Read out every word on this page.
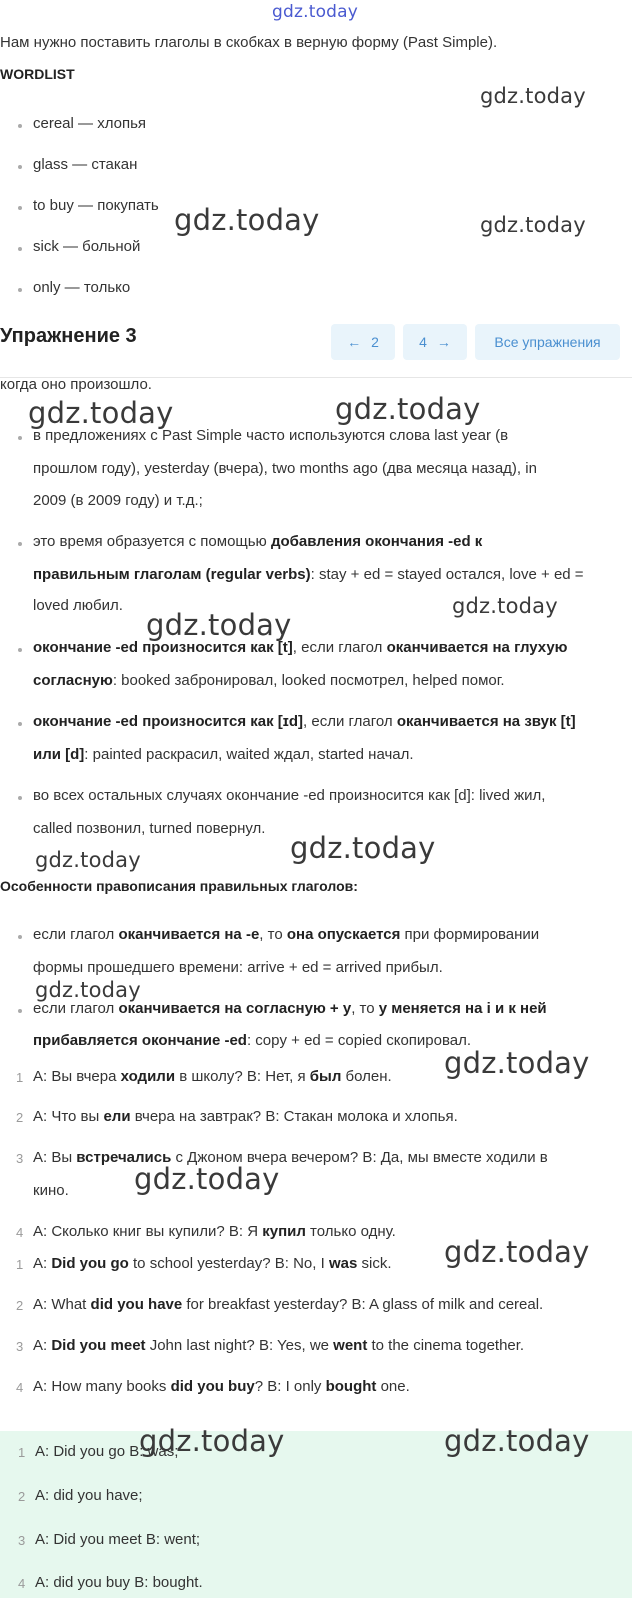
gdz.today
Нам нужно поставить глаголы в скобках в верную форму (Past Simple).
WORDLIST
cereal — хлопья
glass — стакан
to buy — покупать
sick — больной
only — только
Упражнение 3	← 2	4 →	Все упражнения
когда оно произошло.
в предложениях с Past Simple часто используются слова last year (в
прошлом году), yesterday (вчера), two months ago (два месяца назад), in
2009 (в 2009 году) и т.д.;
это время образуется с помощью добавления окончания -ed к
правильным глаголам (regular verbs): stay + ed = stayed остался, love + ed =
loved любил.
окончание -ed произносится как [t], если глагол оканчивается на глухую
согласную: booked забронировал, looked посмотрел, helped помог.
окончание -ed произносится как [ɪd], если глагол оканчивается на звук [t]
или [d]: painted раскрасил, waited ждал, started начал.
во всех остальных случаях окончание -ed произносится как [d]: lived жил,
called позвонил, turned повернул.
Особенности правописания правильных глаголов:
если глагол оканчивается на -е, то она опускается при формировании
формы прошедшего времени: arrive + ed = arrived прибыл.
если глагол оканчивается на согласную + y, то y меняется на i и к ней
прибавляется окончание -ed: copy + ed = copied скопировал.
1 A: Вы вчера ходили в школу? B: Нет, я был болен.
2 A: Что вы ели вчера на завтрак? B: Стакан молока и хлопья.
3 A: Вы встречались с Джоном вчера вечером? B: Да, мы вместе ходили в
кино.
4 A: Сколько книг вы купили? B: Я купил только одну.
1 A: Did you go to school yesterday? B: No, I was sick.
2 A: What did you have for breakfast yesterday? B: A glass of milk and cereal.
3 A: Did you meet John last night? B: Yes, we went to the cinema together.
4 A: How many books did you buy? B: I only bought one.
1 A: Did you go B: was;
2 A: did you have;
3 A: Did you meet B: went;
4 A: did you buy B: bought.
gdz.today
gdz.today	gdz.today
gdz.today	gdz.today
gdz.today
gdz.today
gdz.today
gdz.today
gdz.today
gdz.today
gdz.today
gdz.today
gdz.today	gdz.today
